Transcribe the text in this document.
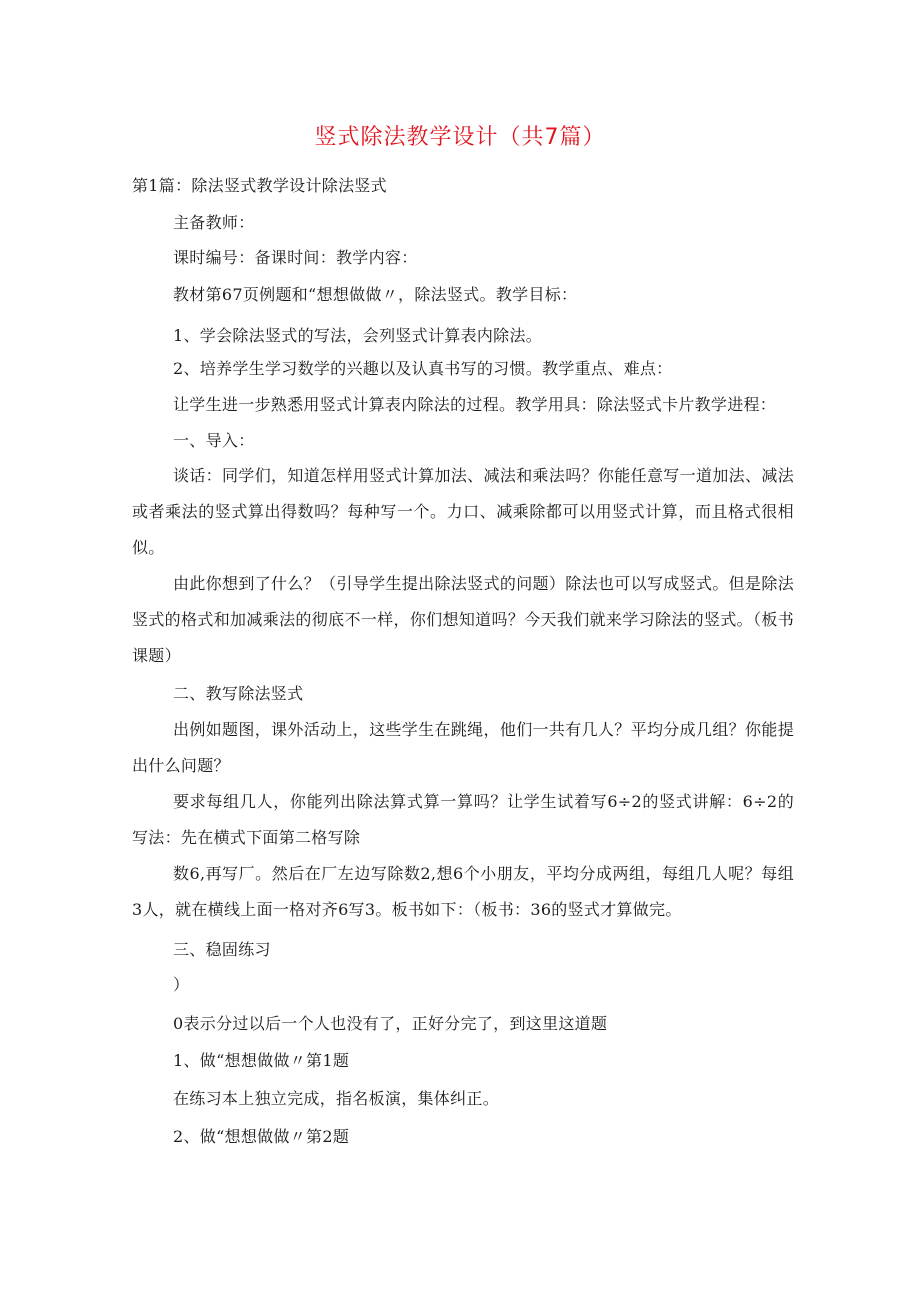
竖式除法教学设计（共7篇）
第1篇：除法竖式教学设计除法竖式
主备教师：
课时编号：备课时间：教学内容：
教材第67页例题和“想想做做〃，除法竖式。教学目标：
1、学会除法竖式的写法，会列竖式计算表内除法。
2、培养学生学习数学的兴趣以及认真书写的习惯。教学重点、难点：
让学生进一步熟悉用竖式计算表内除法的过程。教学用具：除法竖式卡片教学进程：
一、导入：
谈话：同学们，知道怎样用竖式计算加法、减法和乘法吗？你能任意写一道加法、减法或者乘法的竖式算出得数吗？每种写一个。力口、减乘除都可以用竖式计算，而且格式很相似。
由此你想到了什么？（引导学生提出除法竖式的问题）除法也可以写成竖式。但是除法竖式的格式和加减乘法的彻底不一样，你们想知道吗？今天我们就来学习除法的竖式。（板书课题）
二、教写除法竖式
出例如题图，课外活动上，这些学生在跳绳，他们一共有几人？平均分成几组？你能提出什么问题？
要求每组几人，你能列出除法算式算一算吗？让学生试着写6÷2的竖式讲解：6÷2的写法：先在横式下面第二格写除
数6,再写厂。然后在厂左边写除数2,想6个小朋友，平均分成两组，每组几人呢？每组3人，就在横线上面一格对齐6写3。板书如下：（板书：36的竖式才算做完。
三、稳固练习
）
0表示分过以后一个人也没有了，正好分完了，到这里这道题
1、做“想想做做〃第1题
在练习本上独立完成，指名板演，集体纠正。
2、做“想想做做〃第2题
